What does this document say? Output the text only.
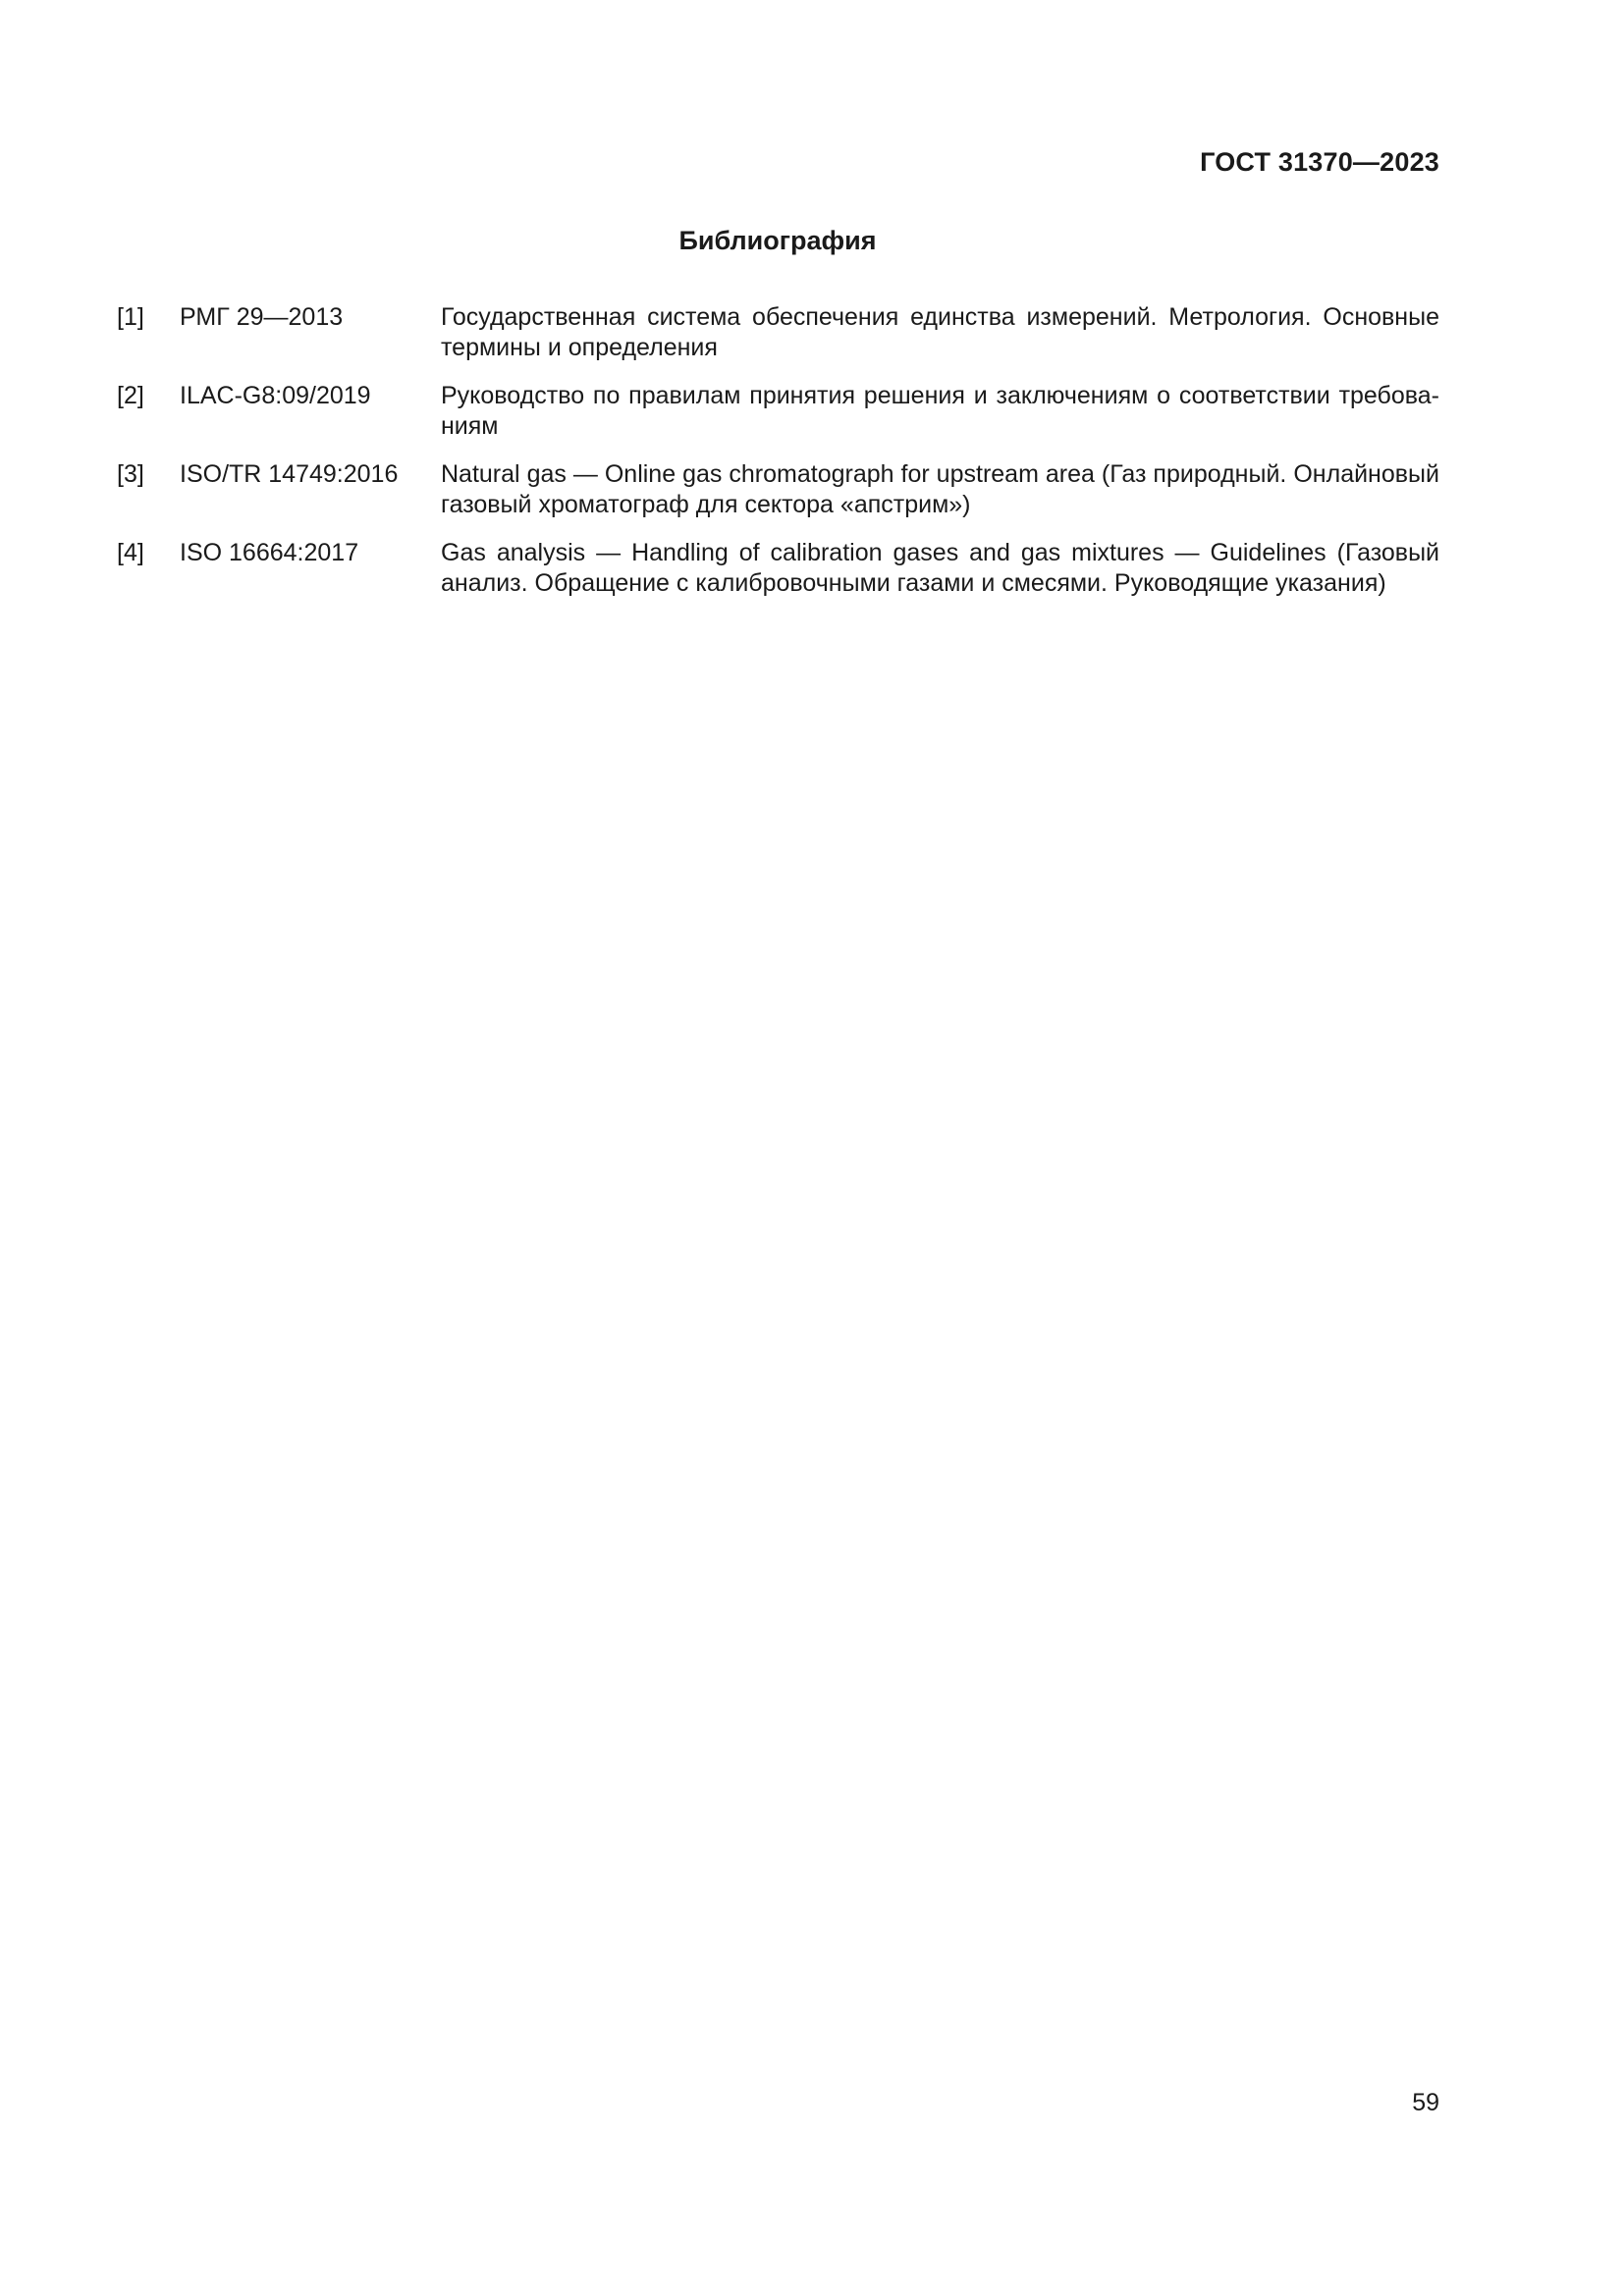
ГОСТ 31370—2023
Библиография
[1]	РМГ 29—2013	Государственная система обеспечения единства измерений. Метрология. Основные термины и определения
[2]	ILAC-G8:09/2019	Руководство по правилам принятия решения и заключениям о соответствии требованиям
[3]	ISO/TR 14749:2016	Natural gas — Online gas chromatograph for upstream area (Газ природный. Онлайновый газовый хроматограф для сектора «апстрим»)
[4]	ISO 16664:2017	Gas analysis — Handling of calibration gases and gas mixtures — Guidelines (Газовый анализ. Обращение с калибровочными газами и смесями. Руководящие указания)
59
